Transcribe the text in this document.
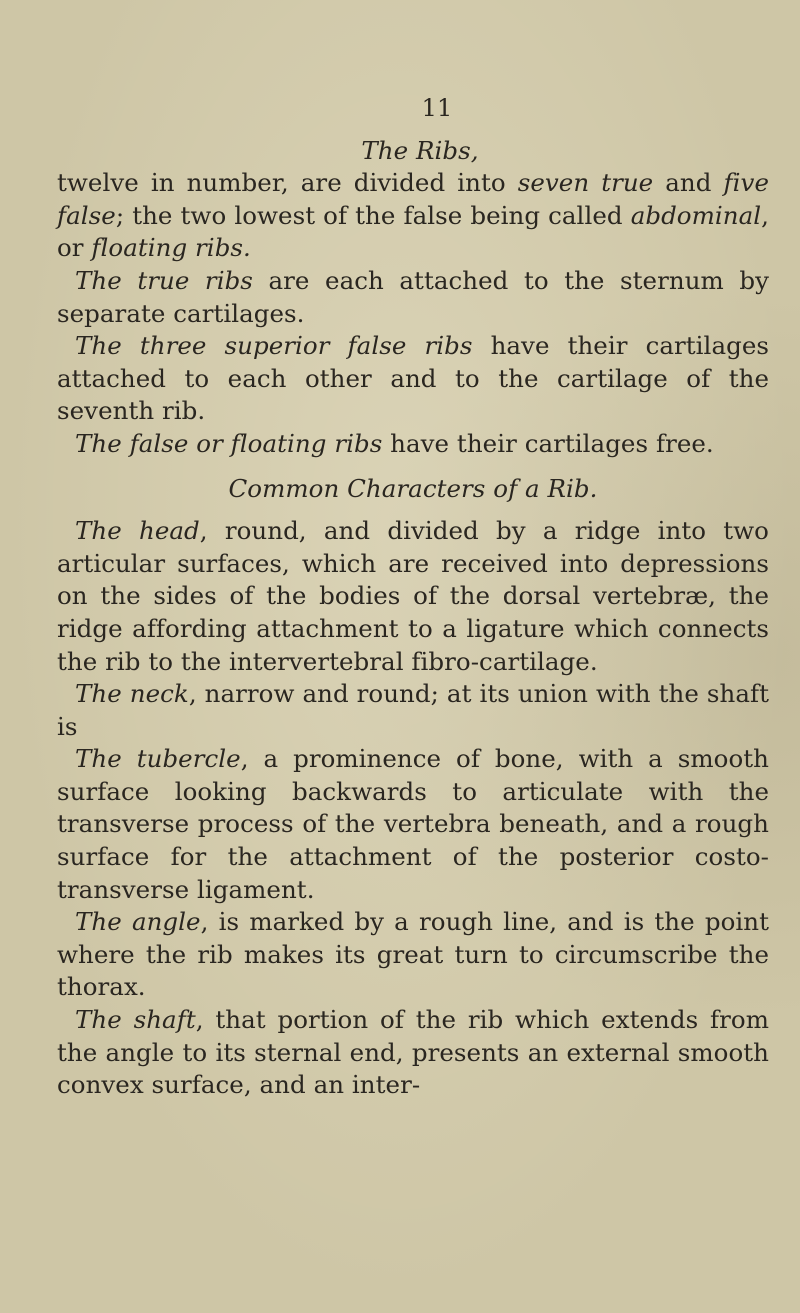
11
The Ribs,

twelve in number, are divided into seven true and five false; the two lowest of the false being called abdominal, or floating ribs.

The true ribs are each attached to the sternum by separate cartilages.

The three superior false ribs have their cartilages attached to each other and to the cartilage of the seventh rib.

The false or floating ribs have their cartilages free.

Common Characters of a Rib.

The head, round, and divided by a ridge into two articular surfaces, which are received into depressions on the sides of the bodies of the dorsal vertebræ, the ridge affording attachment to a ligature which connects the rib to the intervertebral fibro-cartilage.

The neck, narrow and round; at its union with the shaft is

The tubercle, a prominence of bone, with a smooth surface looking backwards to articulate with the transverse process of the vertebra beneath, and a rough surface for the attachment of the posterior costo-transverse ligament.

The angle, is marked by a rough line, and is the point where the rib makes its great turn to circumscribe the thorax.

The shaft, that portion of the rib which extends from the angle to its sternal end, presents an external smooth convex surface, and an inter-
